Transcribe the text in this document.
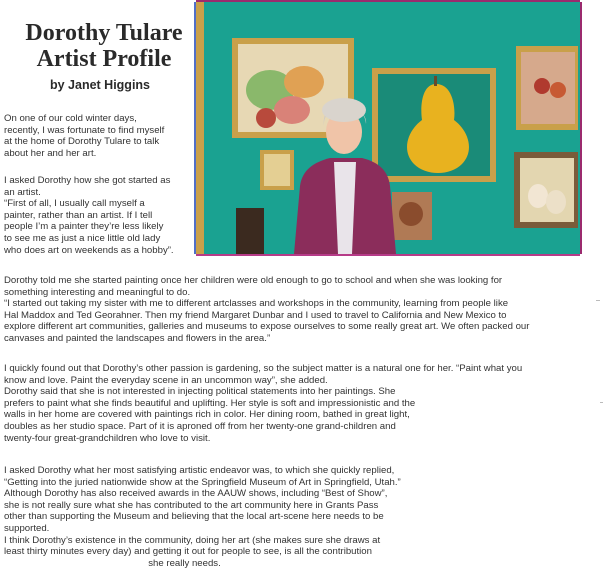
Dorothy Tulare
Artist Profile
by Janet Higgins
On one of our cold winter days,
recently, I was fortunate to find myself
at the home of Dorothy Tulare to talk
about her and her art.
I asked Dorothy how she got started as
an artist.
“First of all, I usually call myself a
painter, rather than an artist. If I tell
people I’m a painter they’re less likely
to see me as just a nice little old lady
who does art on weekends as a hobby”.
Dorothy told me she started painting once her children were old enough to go to school and when she was looking for
something interesting and meaningful to do.
“I started out taking my sister with me to different artclasses and workshops in the community, learning from people like
Hal Maddox and Ted Georahner. Then my friend Margaret Dunbar and I used to travel to California and New Mexico to
explore different art communities, galleries and museums to expose ourselves to some really great art. We often packed our
canvases and painted the landscapes and flowers in the area.”
I quickly found out that Dorothy’s other passion is gardening, so the subject matter is a natural one for her. “Paint what you
know and love. Paint the everyday scene in an uncommon way”, she added.
Dorothy said that she is not interested in injecting political statements into her paintings. She
prefers to paint what she finds beautiful and uplifting. Her style is soft and impressionistic and the
walls in her home are covered with paintings rich in color. Her dining room, bathed in great light,
doubles as her studio space. Part of it is aproned off from her twenty-one grand-children and
twenty-four great-grandchildren who love to visit.
I asked Dorothy what her most satisfying artistic endeavor was, to which she quickly replied,
“Getting into the juried nationwide show at the Springfield Museum of Art in Springfield, Utah.”
Although Dorothy has also received awards in the AAUW shows, including “Best of Show”,
she is not really sure what she has contributed to the art community here in Grants Pass
other than supporting the Museum and believing that the local art-scene here needs to be
supported.
I think Dorothy’s existence in the community, doing her art (she makes sure she draws at
least thirty minutes every day) and getting it out for people to see, is all the contribution
she really needs.
